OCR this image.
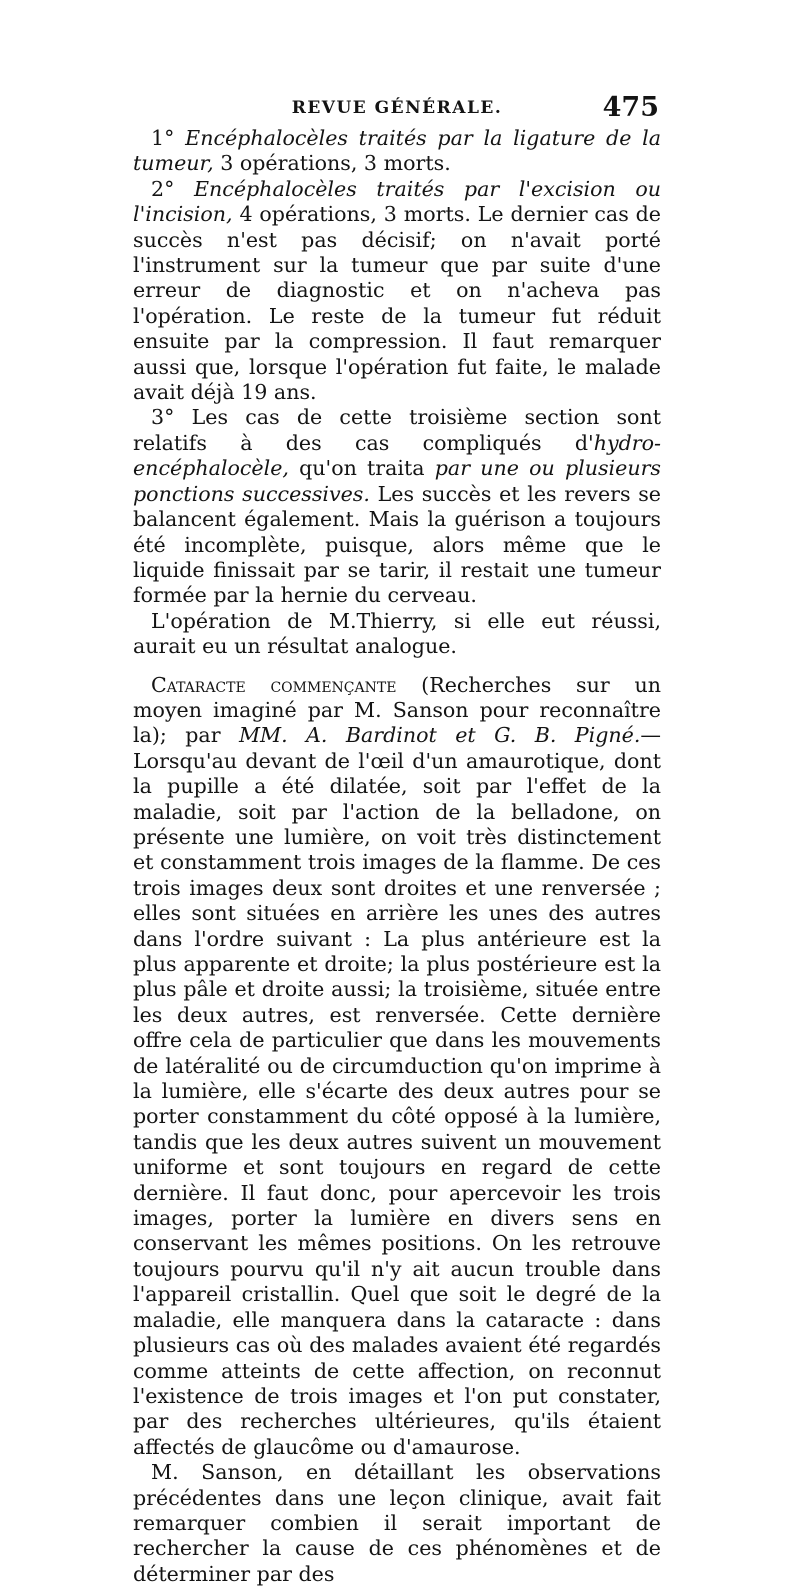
REVUE GÉNÉRALE.	475

1° Encéphalocèles traités par la ligature de la tumeur, 3 opérations, 3 morts.

2° Encéphalocèles traités par l'excision ou l'incision, 4 opérations, 3 morts. Le dernier cas de succès n'est pas décisif; on n'avait porté l'instrument sur la tumeur que par suite d'une erreur de diagnostic et on n'acheva pas l'opération. Le reste de la tumeur fut réduit ensuite par la compression. Il faut remarquer aussi que, lorsque l'opération fut faite, le malade avait déjà 19 ans.

3° Les cas de cette troisième section sont relatifs à des cas compliqués d'hydro-encéphalocèle, qu'on traita par une ou plusieurs ponctions successives. Les succès et les revers se balancent également. Mais la guérison a toujours été incomplète, puisque, alors même que le liquide finissait par se tarir, il restait une tumeur formée par la hernie du cerveau.

L'opération de M.Thierry, si elle eut réussi, aurait eu un résultat analogue.

Cataracte commençante (Recherches sur un moyen imaginé par M. Sanson pour reconnaître la); par MM. A. Bardinot et G. B. Pigné.—Lorsqu'au devant de l'œil d'un amaurotique, dont la pupille a été dilatée, soit par l'effet de la maladie, soit par l'action de la belladone, on présente une lumière, on voit très distinctement et constamment trois images de la flamme. De ces trois images deux sont droites et une renversée ; elles sont situées en arrière les unes des autres dans l'ordre suivant : La plus antérieure est la plus apparente et droite; la plus postérieure est la plus pâle et droite aussi; la troisième, située entre les deux autres, est renversée. Cette dernière offre cela de particulier que dans les mouvements de latéralité ou de circumduction qu'on imprime à la lumière, elle s'écarte des deux autres pour se porter constamment du côté opposé à la lumière, tandis que les deux autres suivent un mouvement uniforme et sont toujours en regard de cette dernière. Il faut donc, pour apercevoir les trois images, porter la lumière en divers sens en conservant les mêmes positions. On les retrouve toujours pourvu qu'il n'y ait aucun trouble dans l'appareil cristallin. Quel que soit le degré de la maladie, elle manquera dans la cataracte : dans plusieurs cas où des malades avaient été regardés comme atteints de cette affection, on reconnut l'existence de trois images et l'on put constater, par des recherches ultérieures, qu'ils étaient affectés de glaucôme ou d'amaurose.

M. Sanson, en détaillant les observations précédentes dans une leçon clinique, avait fait remarquer combien il serait important de rechercher la cause de ces phénomènes et de déterminer par des
